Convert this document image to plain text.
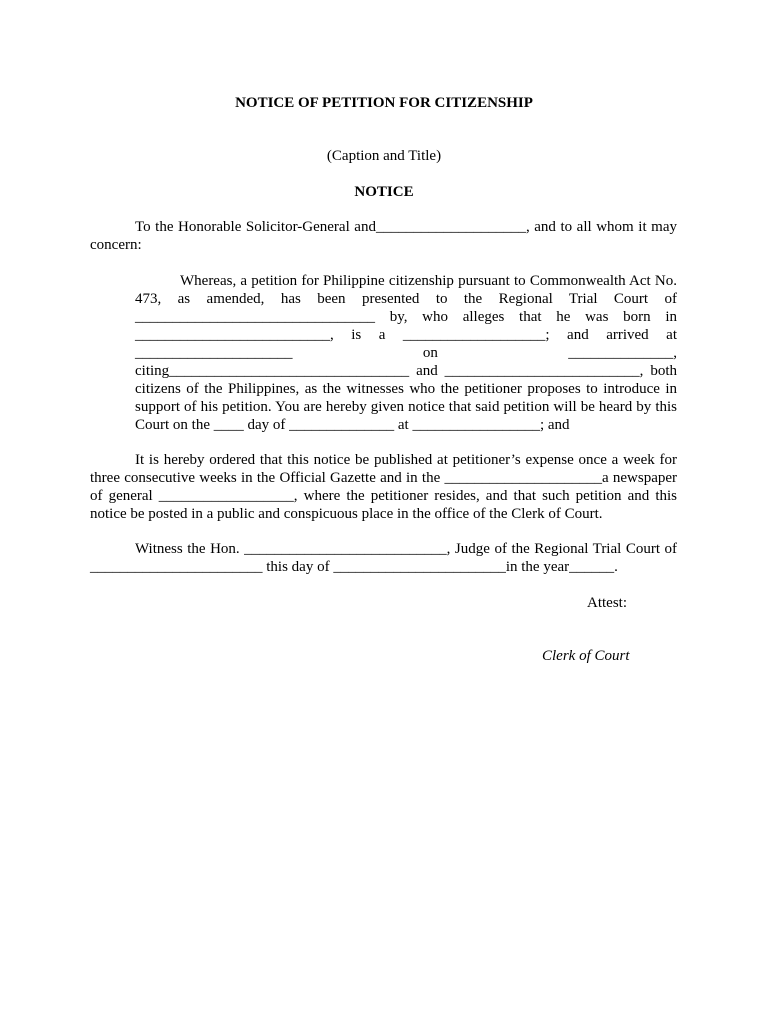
NOTICE OF PETITION FOR CITIZENSHIP
(Caption and Title)
NOTICE
To the Honorable Solicitor-General and____________________, and to all whom it may concern:
Whereas, a petition for Philippine citizenship pursuant to Commonwealth Act No. 473, as amended, has been presented to the Regional Trial Court of ________________________________ by, who alleges that he was born in __________________________, is a ___________________; and arrived at _____________________ on ______________, citing________________________________ and __________________________, both citizens of the Philippines, as the witnesses who the petitioner proposes to introduce in support of his petition. You are hereby given notice that said petition will be heard by this Court on the ____ day of ______________ at _________________; and
It is hereby ordered that this notice be published at petitioner’s expense once a week for three consecutive weeks in the Official Gazette and in the _____________________a newspaper of general __________________, where the petitioner resides, and that such petition and this notice be posted in a public and conspicuous place in the office of the Clerk of Court.
Witness the Hon. ___________________________, Judge of the Regional Trial Court of _______________________ this day of _______________________in the year______.
Attest:
Clerk of Court
